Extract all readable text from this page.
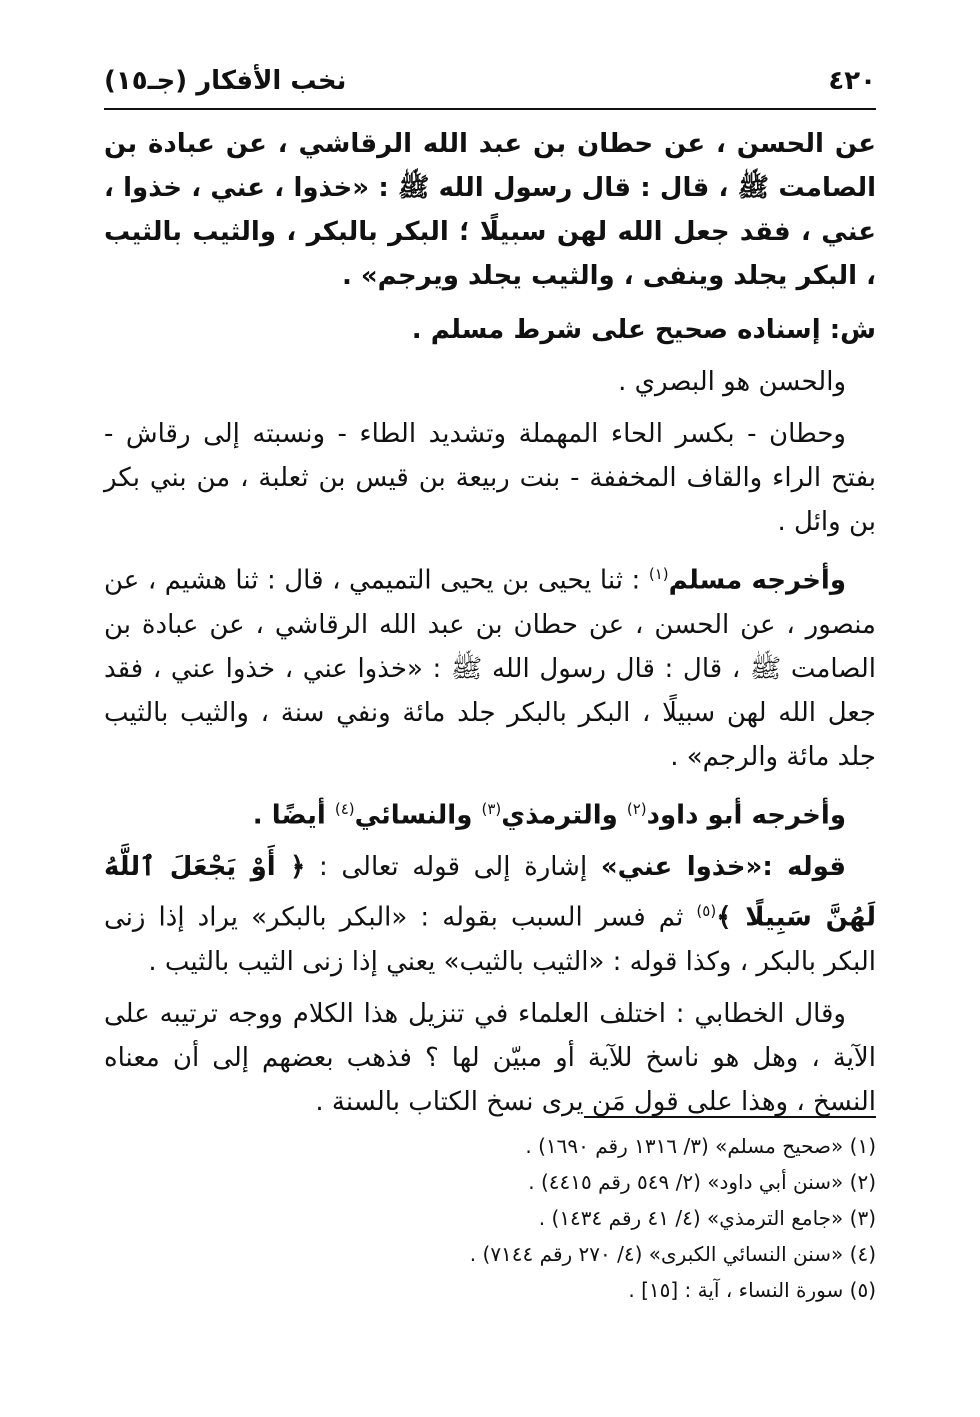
٤٢٠
نخب الأفكار (جـ١٥)

عن الحسن ، عن حطان بن عبد الله الرقاشي ، عن عبادة بن الصامت ﷺ ، قال : قال رسول الله ﷺ : «خذوا ، عني ، خذوا ، عني ، فقد جعل الله لهن سبيلًا ؛ البكر بالبكر ، والثيب بالثيب ، البكر يجلد وينفى ، والثيب يجلد ويرجم» .

ش: إسناده صحيح على شرط مسلم .

والحسن هو البصري .

وحطان - بكسر الحاء المهملة وتشديد الطاء - ونسبته إلى رقاش - بفتح الراء والقاف المخففة - بنت ربيعة بن قيس بن ثعلبة ، من بني بكر بن وائل .

وأخرجه مسلم$^{(١)}$ : ثنا يحيى بن يحيى التميمي ، قال : ثنا هشيم ، عن منصور ، عن الحسن ، عن حطان بن عبد الله الرقاشي ، عن عبادة بن الصامت ﷺ ، قال : قال رسول الله ﷺ : «خذوا عني ، خذوا عني ، فقد جعل الله لهن سبيلًا ، البكر بالبكر جلد مائة ونفي سنة ، والثيب بالثيب جلد مائة والرجم» .

وأخرجه أبو داود$^{(٢)}$ والترمذي$^{(٣)}$ والنسائي$^{(٤)}$ أيضًا .

قوله :«خذوا عني» إشارة إلى قوله تعالى : ﴿ أَوْ يَجْعَلَ ٱللَّهُ لَهُنَّ سَبِيلًا ﴾$^{(٥)}$ ثم فسر السبب بقوله : «البكر بالبكر» يراد إذا زنى البكر بالبكر ، وكذا قوله : «الثيب بالثيب» يعني إذا زنى الثيب بالثيب .

وقال الخطابي : اختلف العلماء في تنزيل هذا الكلام ووجه ترتيبه على الآية ، وهل هو ناسخ للآية أو مبيّن لها ؟ فذهب بعضهم إلى أن معناه النسخ ، وهذا على قول مَن يرى نسخ الكتاب بالسنة .

(١) «صحيح مسلم» (٣/ ١٣١٦ رقم ١٦٩٠) .

(٢) «سنن أبي داود» (٢/ ٥٤٩ رقم ٤٤١٥) .

(٣) «جامع الترمذي» (٤/ ٤١ رقم ١٤٣٤) .

(٤) «سنن النسائي الكبرى» (٤/ ٢٧٠ رقم ٧١٤٤) .

(٥) سورة النساء ، آية : [١٥] .
